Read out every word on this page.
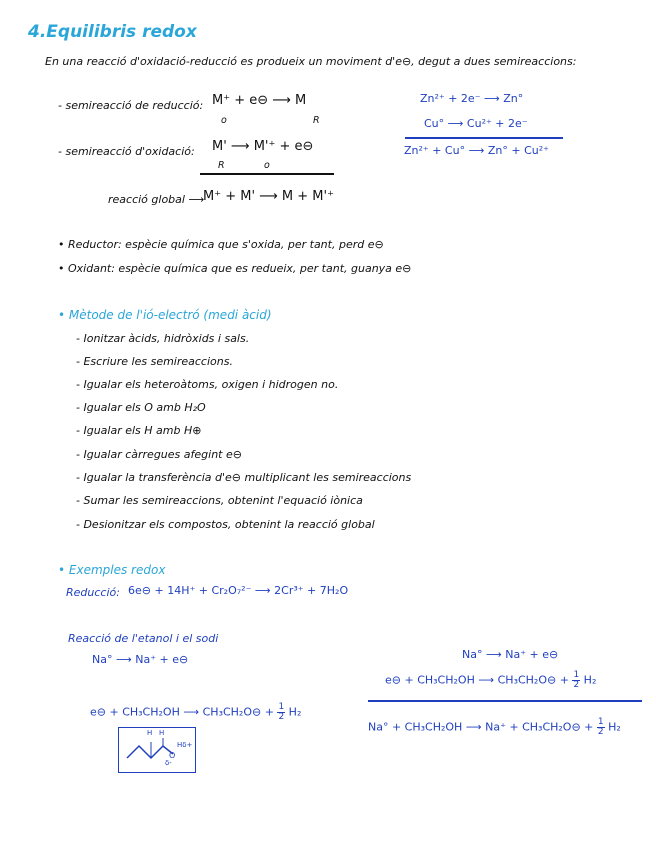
4.Equilibris redox
En una reacció d'oxidació-reducció es produeix un moviment d'e⊖, degut a dues semireaccions:
- semireacció de reducció: M⁺ + e⊖ ⟶ M
o	R
- semireacció d'oxidació: M' ⟶ M'⁺ + e⊖
R	o
reacció global ⟶
M⁺ + M' ⟶ M + M'⁺
Zn²⁺ + 2e⁻ ⟶ Zn°
Cu° ⟶ Cu²⁺ + 2e⁻
Zn²⁺ + Cu° ⟶ Zn° + Cu²⁺
• Reductor: espècie química que s'oxida, per tant, perd e⊖
• Oxidant: espècie química que es redueix, per tant, guanya e⊖
• Mètode de l'ió-electró (medi àcid)
- Ionitzar àcids, hidròxids i sals.
- Escriure les semireaccions.
- Igualar els heteroàtoms, oxigen i hidrogen no.
- Igualar els O amb H₂O
- Igualar els H amb H⊕
- Igualar càrregues afegint e⊖
- Igualar la transferència d'e⊖ multiplicant les semireaccions
- Sumar les semireaccions, obtenint l'equació iònica
- Desionitzar els compostos, obtenint la reacció global
• Exemples redox
Reducció: 6e⊖ + 14H⁺ + Cr₂O₇²⁻ ⟶ 2Cr³⁺ + 7H₂O
Reacció de l'etanol i el sodi
Na° ⟶ Na⁺ + e⊖
e⊖ + CH₃CH₂OH ⟶ CH₃CH₂O⊖ + $\frac{1}{2} H_2$
H H
O
Hδ+
δ-
Na° ⟶ Na⁺ + e⊖
e⊖ + CH₃CH₂OH ⟶ CH₃CH₂O⊖ + $\frac{1}{2} H_2$
Na° + CH₃CH₂OH ⟶ Na⁺ + CH₃CH₂O⊖ + $\frac{1}{2} H_2$
